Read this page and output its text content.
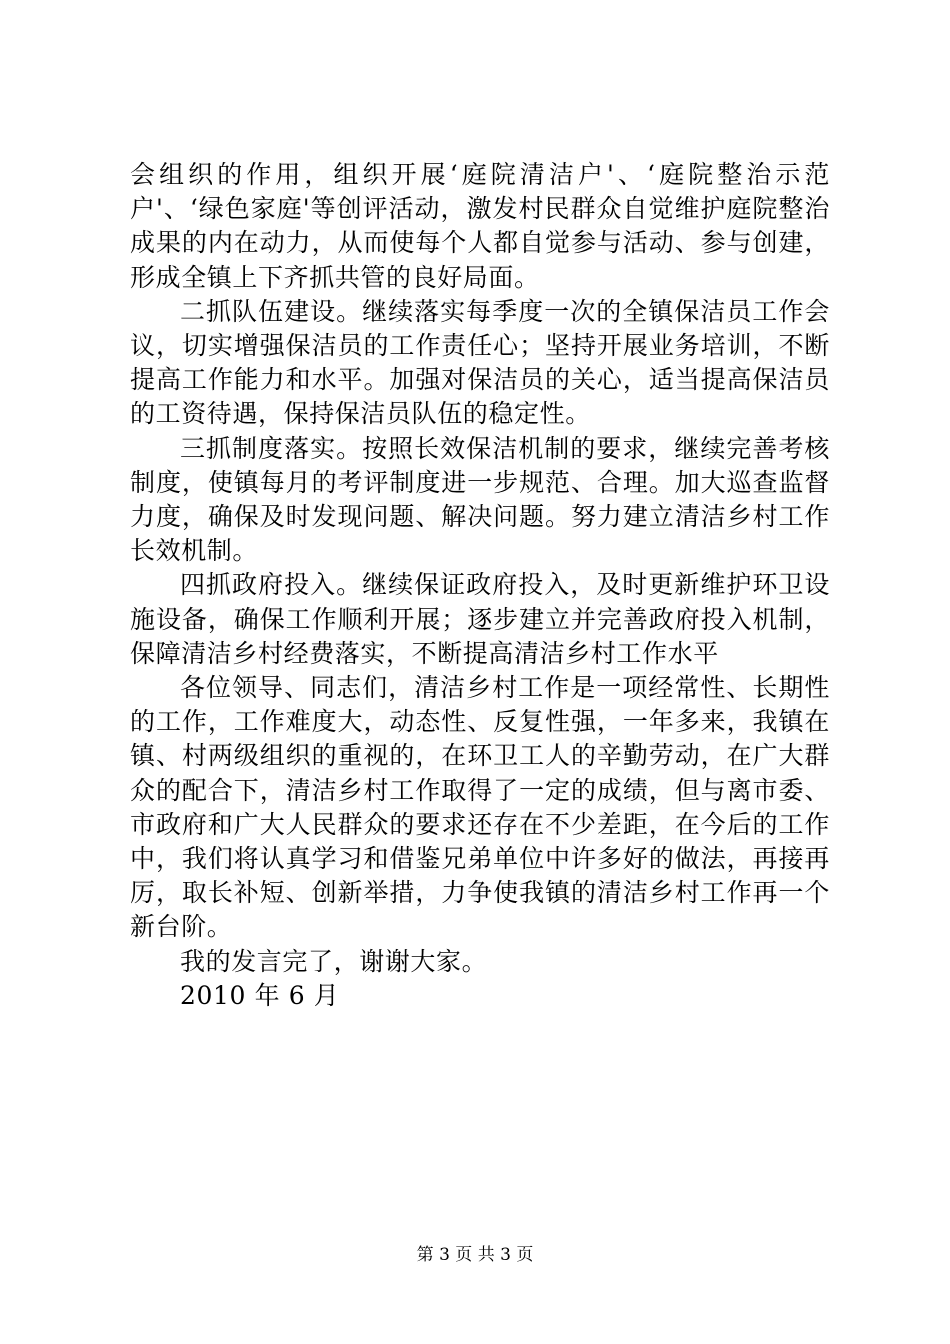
会组织的作用，组织开展‘庭院清洁户'、‘庭院整治示范户'、‘绿色家庭'等创评活动，激发村民群众自觉维护庭院整治成果的内在动力，从而使每个人都自觉参与活动、参与创建，形成全镇上下齐抓共管的良好局面。

二抓队伍建设。继续落实每季度一次的全镇保洁员工作会议，切实增强保洁员的工作责任心；坚持开展业务培训，不断提高工作能力和水平。加强对保洁员的关心，适当提高保洁员的工资待遇，保持保洁员队伍的稳定性。

三抓制度落实。按照长效保洁机制的要求，继续完善考核制度，使镇每月的考评制度进一步规范、合理。加大巡查监督力度，确保及时发现问题、解决问题。努力建立清洁乡村工作长效机制。

四抓政府投入。继续保证政府投入，及时更新维护环卫设施设备，确保工作顺利开展；逐步建立并完善政府投入机制，保障清洁乡村经费落实，不断提高清洁乡村工作水平

各位领导、同志们，清洁乡村工作是一项经常性、长期性的工作，工作难度大，动态性、反复性强，一年多来，我镇在镇、村两级组织的重视的，在环卫工人的辛勤劳动，在广大群众的配合下，清洁乡村工作取得了一定的成绩，但与离市委、市政府和广大人民群众的要求还存在不少差距，在今后的工作中，我们将认真学习和借鉴兄弟单位中许多好的做法，再接再厉，取长补短、创新举措，力争使我镇的清洁乡村工作再一个新台阶。

我的发言完了，谢谢大家。

2010 年 6 月

第 3 页 共 3 页
